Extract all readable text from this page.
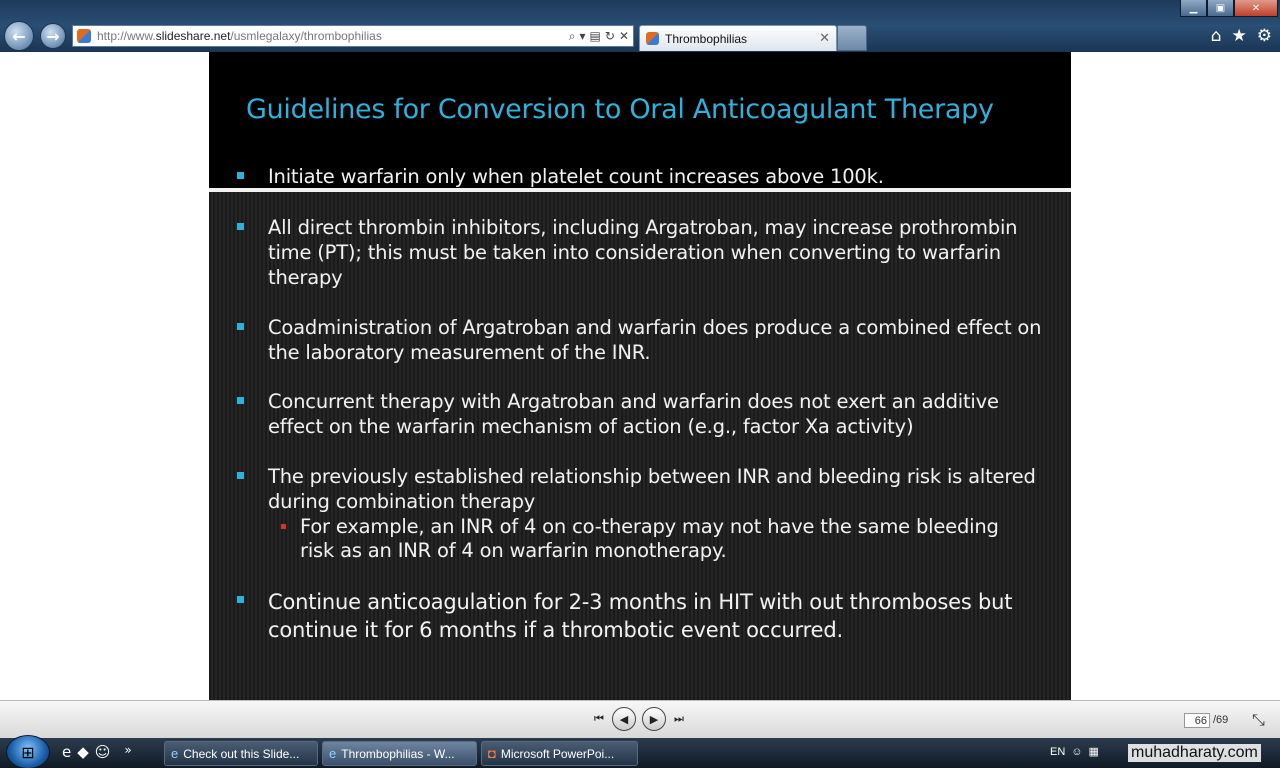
▁	▣	✕
← →	http://www.slideshare.net/usmlegalaxy/thrombophilias	⌕ ▾ ▤ ↻ ✕	Thrombophilias	✕	⌂ ★ ⚙
Guidelines for Conversion to Oral Anticoagulant Therapy
Initiate warfarin only when platelet count increases above 100k.
All direct thrombin inhibitors, including Argatroban, may increase prothrombin time (PT); this must be taken into consideration when converting to warfarin therapy
Coadministration of Argatroban and warfarin does produce a combined effect on the laboratory measurement of the INR.
Concurrent therapy with Argatroban and warfarin does not exert an additive effect on the warfarin mechanism of action (e.g., factor Xa activity)
The previously established relationship between INR and bleeding risk is altered during combination therapy
For example, an INR of 4 on co-therapy may not have the same bleeding risk as an INR of 4 on warfarin monotherapy.
Continue anticoagulation for 2-3 months in HIT with out thromboses but continue it for 6 months if a thrombotic event occurred.
⏮ ◀ ▶ ⏭
66	/69 ⤡
⊞ e ◆ ☺ »	e Check out this Slide... e Thrombophilias - W...	◘ Microsoft PowerPoi...	EN ☺ ▦ muhadharaty.com
